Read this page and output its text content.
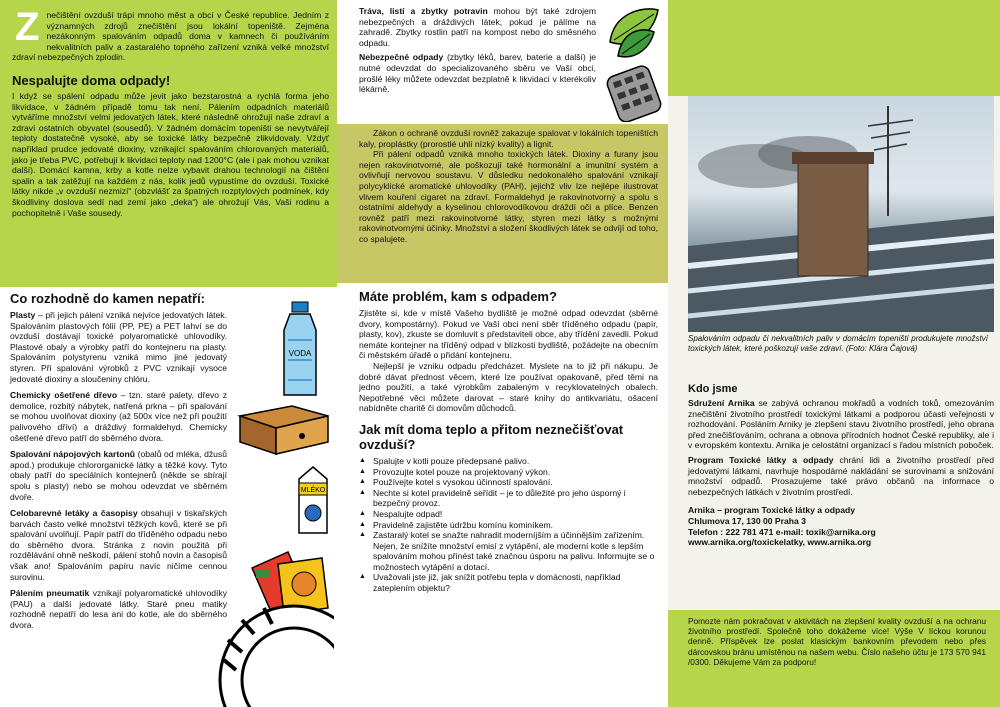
Z nečištění ovzduší trápí mnoho měst a obcí v České republice. Jedním z významných zdrojů znečištění jsou lokální topeniště. Zejména nezákonným spalováním odpadů doma v kamnech či používáním nekvalitních paliv a zastaralého topného zařízení vzniká velké množství zdraví nebezpečných zplodin.

Nespalujte doma odpady!

I když se spálení odpadu může jevit jako bezstarostná a rychlá forma jeho likvidace, v žádném případě tomu tak není. Pálením odpadních materiálů vytváříme množství velmi jedovatých látek, které následně ohrožují naše zdraví a zdraví ostatních obyvatel (sousedů). V žádném domácím topeništi se nevytvářejí teploty dostatečně vysoké, aby se toxické látky bezpečně zlikvidovaly. Vždyť například prudce jedovaté dioxiny, vznikající spalováním chlorovaných materiálů, jako je třeba PVC, potřebují k likvidaci teploty nad 1200°C (ale i pak mohou vznikat další). Domácí kamna, krby a kotle nelze vybavit drahou technologií na čištění spalin a tak zatěžují na každém z nás, kolik jedů vypustíme do ovzduší. Toxické látky nikde „v ovzduší nezmizí“ (obzvlášť za špatných rozptylových podmínek, kdy škodliviny doslova sedí nad zemí jako „deka“) ale ohrožují Vás, Vaši rodinu a pochopitelně i Vaše sousedy.

Co rozhodně do kamen nepatří:

Plasty – při jejich pálení vzniká nejvíce jedovatých látek. Spalováním plastových fólií (PP, PE) a PET lahví se do ovzduší dostávají toxické polyaromatické uhlovodíky. Plastové obaly a výrobky patří do kontejneru na plasty. Spalováním polystyrenu vzniká mimo jiné jedovatý styren. Při spalování výrobků z PVC vznikají vysoce jedovaté dioxiny a sloučeniny chlóru.

Chemicky ošetřené dřevo – tzn. staré palety, dřevo z demolice, rozbitý nábytek, natřená prkna – při spalování se mohou uvolňovat dioxiny (až 500x více než při použití palivového dříví) a dráždivý formaldehyd. Chemicky ošetřené dřevo patří do sběrného dvora.

Spalování nápojových kartonů (obalů od mléka, džusů apod.) produkuje chlororganické látky a těžké kovy. Tyto obaly patří do speciálních kontejnerů (někde se sbírají spolu s plasty) nebo se mohou odevzdat ve sběrném dvoře.

Celobarevné letáky a časopisy obsahují v tiskařských barvách často velké množství těžkých kovů, které se při spalování uvolňují. Papír patří do tříděného odpadu nebo do sběrného dvora. Stránka z novin použitá při rozdělávání ohně neškodí, pálení stohů novin a časopisů však ano! Spalováním papíru navíc ničíme cennou surovinu.

Pálením pneumatik vznikají polyaromatické uhlovodíky (PAU) a další jedovaté látky. Staré pneu matiky rozhodně nepatří do lesa ani do kotle, ale do sběrného dvora.

VODA
MLÉKO

Tráva, listí a zbytky potravin mohou být také zdrojem nebezpečných a dráždivých látek, pokud je pálíme na zahradě. Zbytky rostlin patří na kompost nebo do směsného odpadu.

Nebezpečné odpady (zbytky léků, barev, baterie a další) je nutné odevzdat do specializovaného sběru ve Vaší obci, prošlé léky můžete odevzdat bezplatně k likvidaci v kterékoliv lékárně.

Zákon o ochraně ovzduší rovněž zakazuje spalovat v lokálních topeništích kaly, proplástky (prorostlé uhlí nízký kvality) a lignit.

Při pálení odpadů vzniká mnoho toxických látek. Dioxiny a furany jsou nejen rakovinotvorné, ale poškozují také hormonální a imunitní systém a ovlivňují nervovou soustavu. V důsledku nedokonalého spalování vznikají polycyklické aromatické uhlovodíky (PAH), jejichž vliv lze nejlépe ilustrovat vlivem kouření cigaret na zdraví. Formaldehyd je rakovinotvorný a spolu s ostatními aldehydy a kyselinou chlorovodíkovou dráždí oči a plíce. Benzen rovněž patří mezi rakovinotvorné látky, styren mezi látky s možnými rakovinotvornými účinky. Množství a složení škodlivých látek se odvíjí od toho, co spalujete.

Máte problém, kam s odpadem?

Zjistěte si, kde v místě Vašeho bydliště je možné odpad odevzdat (sběrné dvory, kompostárny). Pokud ve Vaší obci není sběr tříděného odpadu (papír, plasty, kov), zkuste se domluvit s představiteli obce, aby třídění zavedli. Pokud nemáte kontejner na tříděný odpad v blízkosti bydliště, požádejte na obecním či městském úřadě o přidání kontejneru.

Nejlepší je vzniku odpadu předcházet. Myslete na to již při nákupu. Je dobré dávat přednost věcem, které lze používat opakovaně, před těmi na jedno použití, a také výrobkům zabaleným v recyklovatelných obalech. Nepotřebné věci můžete darovat – staré knihy do antikvariátu, ošacení nabídněte charitě či domovům důchodců.

Jak mít doma teplo a přitom neznečišťovat ovzduší?
▲ Spalujte v kotli pouze předepsané palivo.
▲ Provozujte kotel pouze na projektovaný výkon.
▲ Používejte kotel s vysokou účinností spalování.
▲ Nechte si kotel pravidelně seřídit – je to důležité pro jeho úsporný i bezpečný provoz.
▲ Nespalujte odpad!
▲ Pravidelně zajistěte údržbu komínu kominíkem.
▲ Zastaralý kotel se snažte nahradit moderníjším a účinnějším zařízením. Nejen, že snížíte množství emisí z vytápění, ale moderní kotle s lepším spalováním mohou přinést také značnou úsporu na palivu. Informujte se o možnostech vytápění a dotací.
▲ Uvažovali jste již, jak snížit potřebu tepla v domácnosti, například zateplením objektu?

Spalováním odpadu či nekvalitních paliv v domácím topeništi produkujete množství toxických látek, které poškozují vaše zdraví. (Foto: Klára Čajová)

Kdo jsme

Sdružení Arnika se zabývá ochranou mokřadů a vodních toků, omezováním znečištění životního prostředí toxickými látkami a podporou účasti veřejnosti v rozhodování. Posláním Arniky je zlepšení stavu životního prostředí, jeho obrana před znečišťováním, ochrana a obnova přírodních hodnot České republiky, ale i v evropském kontextu. Arnika je celostátní organizací s řadou místních poboček.

Program Toxické látky a odpady chrání lidi a životního prostředí před jedovatými látkami, navrhuje hospodárné nakládání se surovinami a snižování množství odpadů. Prosazujeme také právo občanů na informace o nebezpečných látkách v životním prostředí.

Arnika – program Toxické látky a odpady

Chlumova 17, 130 00 Praha 3

Telefon : 222 781 471 e-mail: toxik@arnika.org

www.arnika.org/toxickelatky, www.arnika.org

Pomozte nám pokračovat v aktivitách na zlepšení kvality ovzduší a na ochranu životního prostředí. Společně toho dokážeme více! Výše V líckou korunou denně. Příspěvek lze poslat klasickým bankovním převodem nebo přes dárcovskou bránu umístěnou na našem webu. Číslo našeho účtu je 173 570 941 /0300. Děkujeme Vám za podporu!
